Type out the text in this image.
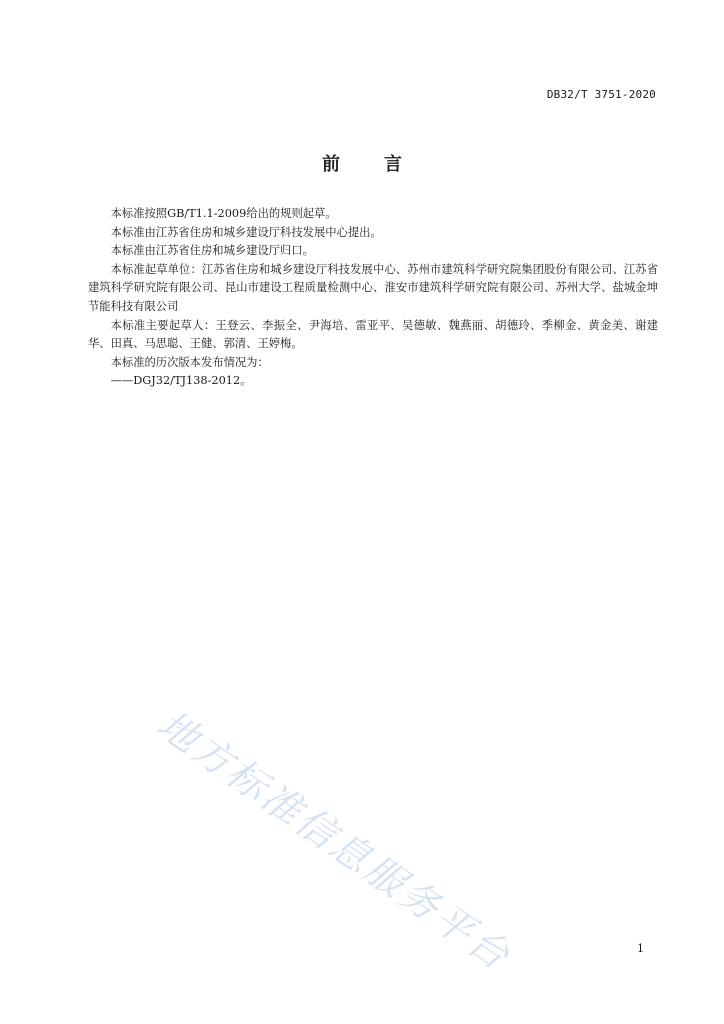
DB32/T 3751-2020
前言

本标准按照GB/T1.1-2009给出的规则起草。

本标准由江苏省住房和城乡建设厅科技发展中心提出。

本标准由江苏省住房和城乡建设厅归口。

本标准起草单位：江苏省住房和城乡建设厅科技发展中心、苏州市建筑科学研究院集团股份有限公司、江苏省建筑科学研究院有限公司、昆山市建设工程质量检测中心、淮安市建筑科学研究院有限公司、苏州大学、盐城金坤节能科技有限公司

本标准主要起草人：王登云、李振全、尹海培、雷亚平、吴德敏、魏燕丽、胡德玲、季柳金、黄金美、谢建华、田真、马思聪、王健、郭清、王婷梅。

本标准的历次版本发布情况为：

——DGJ32/TJ138-2012。

地方标准信息服务平台	1
